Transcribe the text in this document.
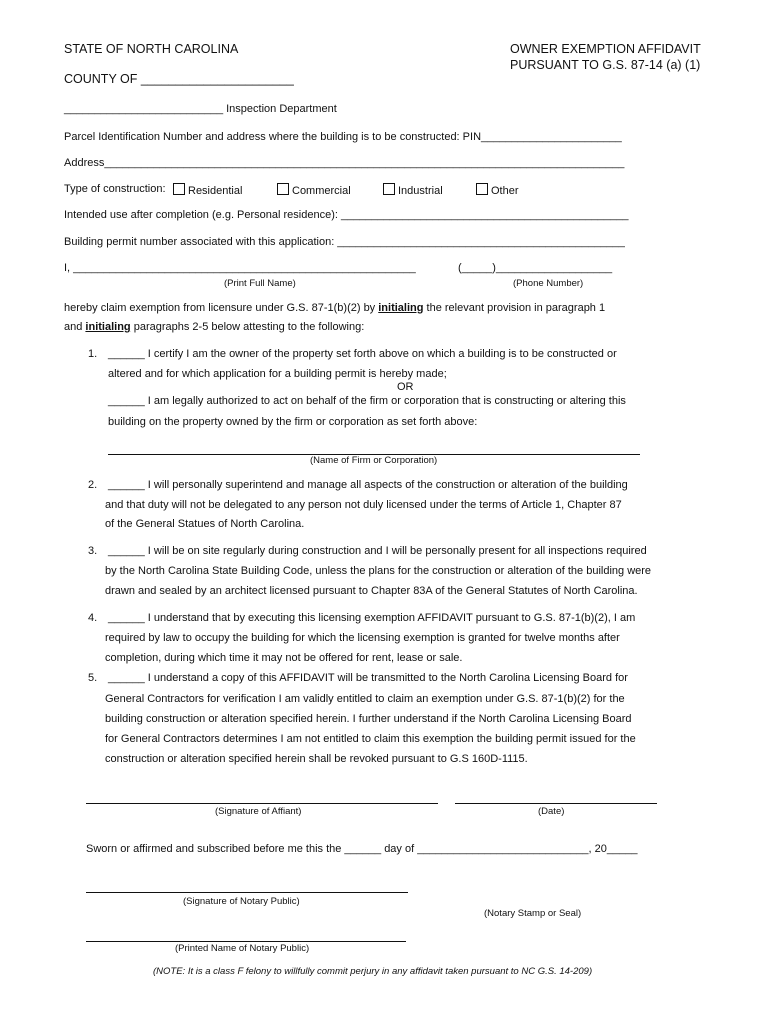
STATE OF NORTH CAROLINA	OWNER EXEMPTION AFFIDAVIT
PURSUANT TO G.S. 87-14 (a) (1)
COUNTY OF ______________________
__________________________ Inspection Department
Parcel Identification Number and address where the building is to be constructed: PIN_______________________
Address_____________________________________________________________________________________
Type of construction:	Residential	Commercial	Industrial	Other
Intended use after completion (e.g. Personal residence): _______________________________________________
Building permit number associated with this application: _______________________________________________
I, ________________________________________________________	(_____)___________________
(Print Full Name)	(Phone Number)
hereby claim exemption from licensure under G.S. 87-1(b)(2) by initialing the relevant provision in paragraph 1
and initialing paragraphs 2-5 below attesting to the following:
1. ______ I certify I am the owner of the property set forth above on which a building is to be constructed or
altered and for which application for a building permit is hereby made;
OR
______ I am legally authorized to act on behalf of the firm or corporation that is constructing or altering this
building on the property owned by the firm or corporation as set forth above:
(Name of Firm or Corporation)
2. ______ I will personally superintend and manage all aspects of the construction or alteration of the building
and that duty will not be delegated to any person not duly licensed under the terms of Article 1, Chapter 87
of the General Statues of North Carolina.
3. ______ I will be on site regularly during construction and I will be personally present for all inspections required
by the North Carolina State Building Code, unless the plans for the construction or alteration of the building were
drawn and sealed by an architect licensed pursuant to Chapter 83A of the General Statutes of North Carolina.
4. ______ I understand that by executing this licensing exemption AFFIDAVIT pursuant to G.S. 87-1(b)(2), I am
required by law to occupy the building for which the licensing exemption is granted for twelve months after
completion, during which time it may not be offered for rent, lease or sale.
5. ______ I understand a copy of this AFFIDAVIT will be transmitted to the North Carolina Licensing Board for
General Contractors for verification I am validly entitled to claim an exemption under G.S. 87-1(b)(2) for the
building construction or alteration specified herein. I further understand if the North Carolina Licensing Board
for General Contractors determines I am not entitled to claim this exemption the building permit issued for the
construction or alteration specified herein shall be revoked pursuant to G.S 160D-1115.
(Signature of Affiant)	(Date)
Sworn or affirmed and subscribed before me this the ______ day of ____________________________, 20_____
(Signature of Notary Public)
(Notary Stamp or Seal)
(Printed Name of Notary Public)
(NOTE: It is a class F felony to willfully commit perjury in any affidavit taken pursuant to NC G.S. 14-209)
